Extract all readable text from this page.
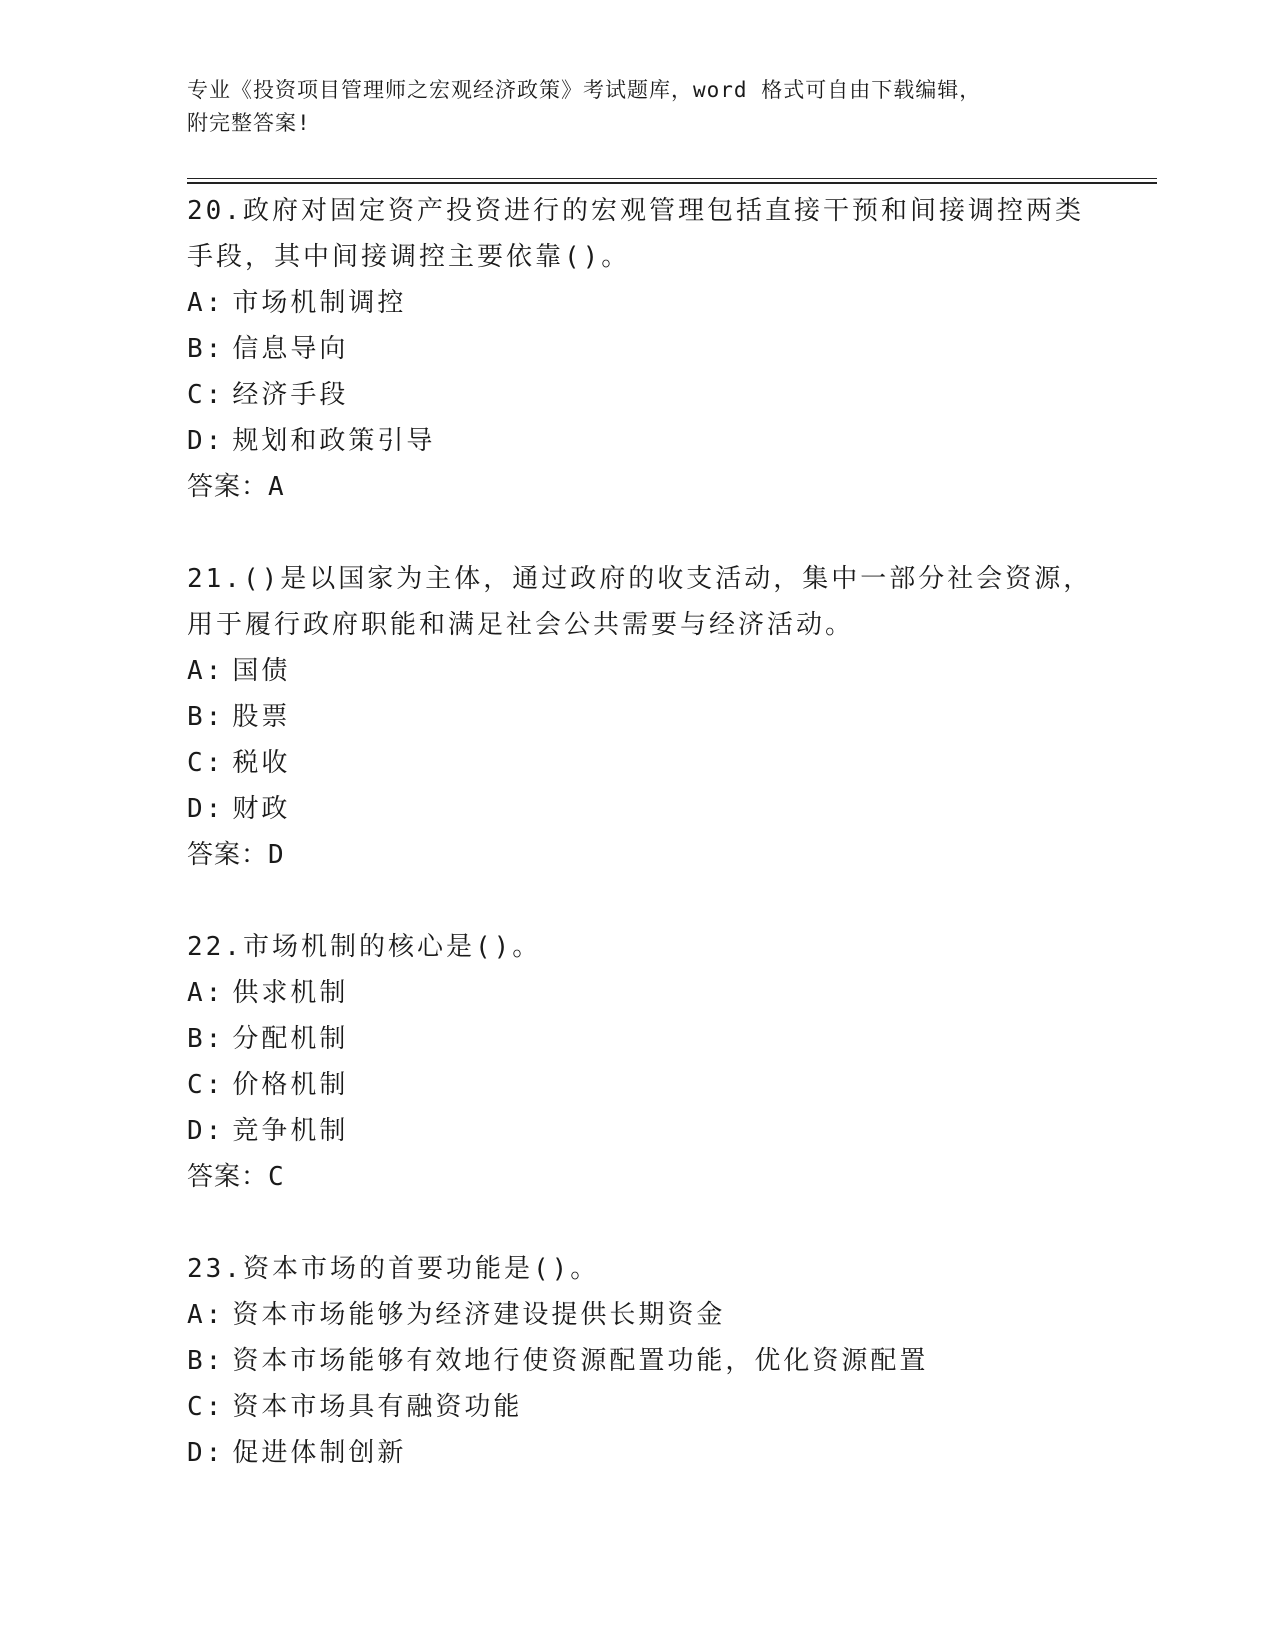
专业《投资项目管理师之宏观经济政策》考试题库，word 格式可自由下载编辑，
附完整答案!
20.政府对固定资产投资进行的宏观管理包括直接干预和间接调控两类
手段，其中间接调控主要依靠()。
A: 市场机制调控
B: 信息导向
C: 经济手段
D: 规划和政策引导
答案：A
21.()是以国家为主体，通过政府的收支活动，集中一部分社会资源，
用于履行政府职能和满足社会公共需要与经济活动。
A: 国债
B: 股票
C: 税收
D: 财政
答案：D
22.市场机制的核心是()。
A: 供求机制
B: 分配机制
C: 价格机制
D: 竞争机制
答案：C
23.资本市场的首要功能是()。
A: 资本市场能够为经济建设提供长期资金
B: 资本市场能够有效地行使资源配置功能，优化资源配置
C: 资本市场具有融资功能
D: 促进体制创新
